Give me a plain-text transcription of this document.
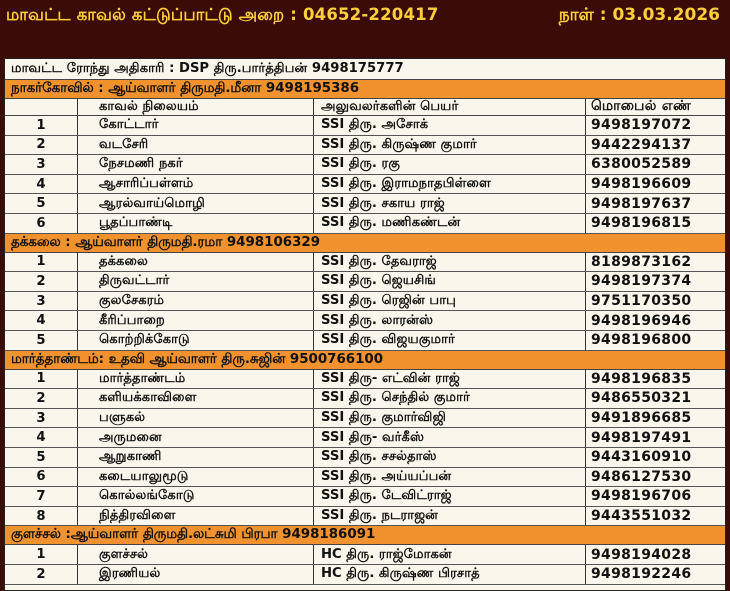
மாவட்ட காவல் கட்டுப்பாட்டு அறை : 04652-220417	நாள் : 03.03.2026
மாவட்ட ரோந்து அதிகாரி : DSP திரு.பார்த்திபன் 9498175777
நாகர்கோவில் : ஆய்வாளர் திருமதி.மீனா 9498195386
காவல் நிலையம்	அலுவலர்களின் பெயர்	மொபைல் எண்
1	கோட்டார்	SSI திரு. அசோக்	9498197072
2	வடசேரி	SSI திரு. கிருஷ்ண குமார்	9442294137
3	நேசமணி நகர்	SSI திரு. ரகு	6380052589
4	ஆசாரிப்பள்ளம்	SSI திரு. இராமநாதபிள்ளை	9498196609
5	ஆரல்வாய்மொழி	SSI திரு. சகாய ராஜ்	9498197637
6	பூதப்பாண்டி	SSI திரு. மணிகண்டன்	9498196815
தக்கலை : ஆய்வாளர் திருமதி.ரமா 9498106329
1	தக்கலை	SSI திரு. தேவராஜ்	8189873162
2	திருவட்டார்	SSI திரு. ஜெயசிங்	9498197374
3	குலசேகரம்	SSI திரு. ரெஜின் பாபு	9751170350
4	கீரிப்பாறை	SSI திரு. லாரன்ஸ்	9498196946
5	கொற்றிக்கோடு	SSI திரு. விஜயகுமார்	9498196800
மார்த்தாண்டம்: உதவி ஆய்வாளர் திரு.சுஜின் 9500766100
1	மார்த்தாண்டம்	SSI திரு- எட்வின் ராஜ்	9498196835
2	களியக்காவிளை	SSI திரு. செந்தில் குமார்	9486550321
3	பளுகல்	SSI திரு. குமார்விஜி	9491896685
4	அருமனை	SSI திரு- வர்கீஸ்	9498197491
5	ஆறுகாணி	SSI திரு. சசல்தாஸ்	9443160910
6	கடையாலுமூடு	SSI திரு. அய்யப்பன்	9486127530
7	கொல்லங்கோடு	SSI திரு. டேவிட்ராஜ்	9498196706
8	நித்திரவிளை	SSI திரு. நடராஜன்	9443551032
குளச்சல் :ஆய்வாளர் திருமதி.லட்சுமி பிரபா 9498186091
1	குளச்சல்	HC திரு. ராஜ்மோகன்	9498194028
2	இரணியல்	HC திரு. கிருஷ்ண பிரசாத்	9498192246
